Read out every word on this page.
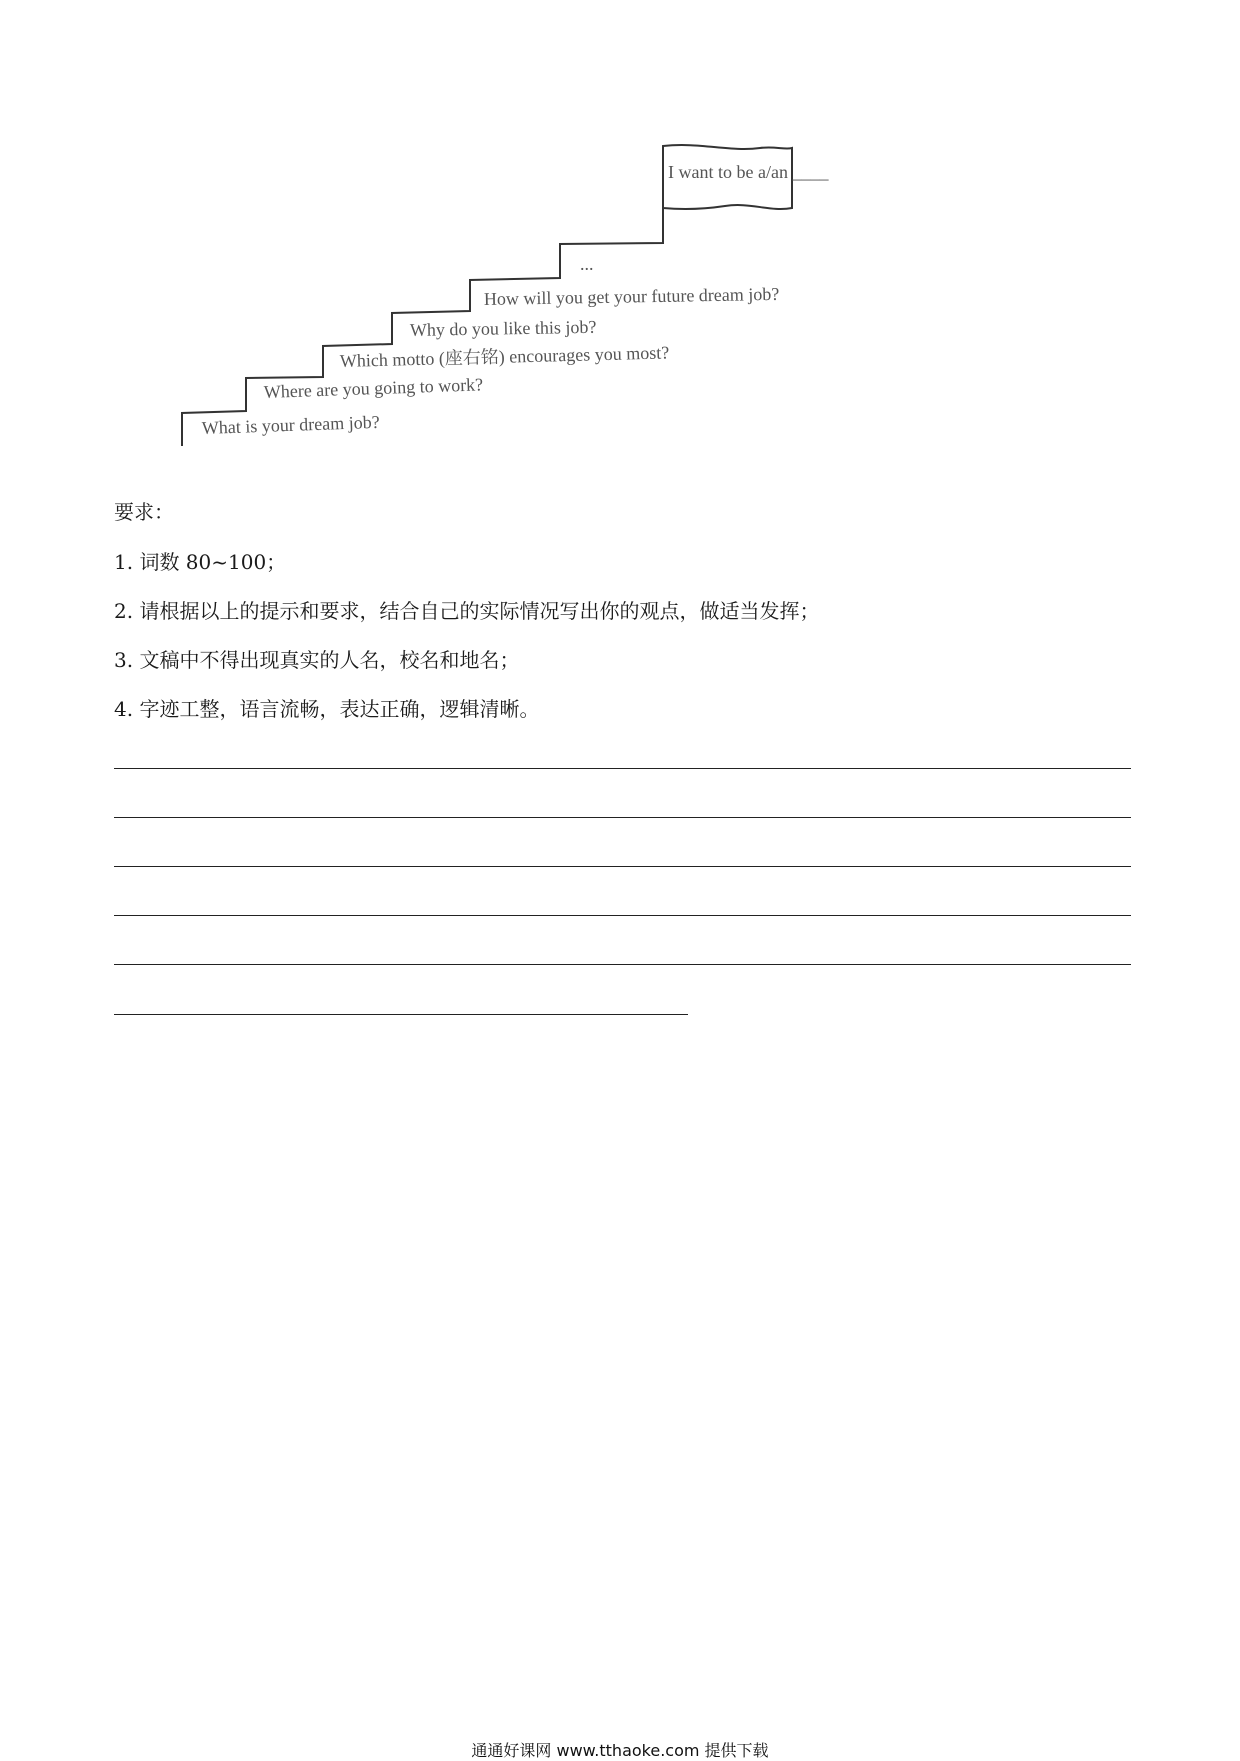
I want to be a/an ____
What is your dream job?
Where are you going to work?
Which motto (座右铭) encourages you most?
Why do you like this job?
How will you get your future dream job?
...
要求：
1. 词数 80~100；
2. 请根据以上的提示和要求，结合自己的实际情况写出你的观点，做适当发挥；
3. 文稿中不得出现真实的人名，校名和地名；
4. 字迹工整，语言流畅，表达正确，逻辑清晰。
通通好课网 www.tthaoke.com 提供下载
